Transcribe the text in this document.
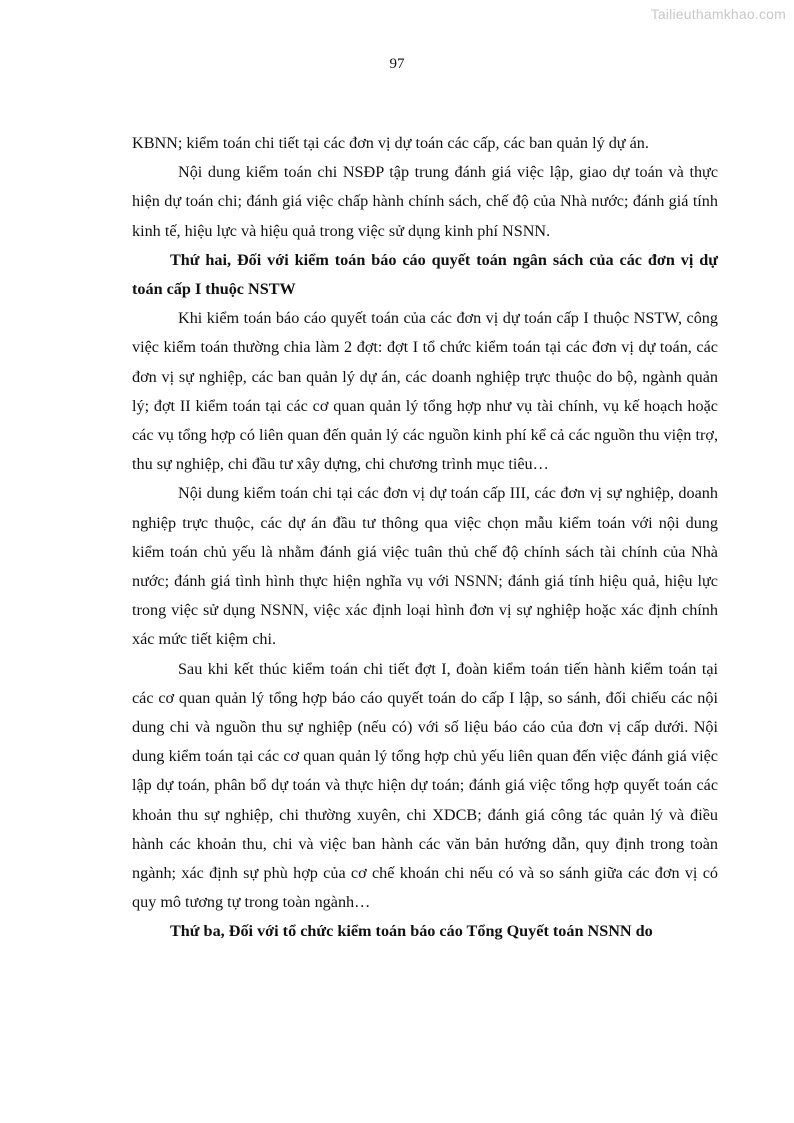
Tailieuthamkhao.com
97

KBNN; kiểm toán chi tiết tại các đơn vị dự toán các cấp, các ban quản lý dự án.

Nội dung kiểm toán chi NSĐP tập trung đánh giá việc lập, giao dự toán và thực hiện dự toán chi; đánh giá việc chấp hành chính sách, chế độ của Nhà nước; đánh giá tính kinh tế, hiệu lực và hiệu quả trong việc sử dụng kinh phí NSNN.

Thứ hai, Đối với kiểm toán báo cáo quyết toán ngân sách của các đơn vị dự toán cấp I thuộc NSTW

Khi kiểm toán báo cáo quyết toán của các đơn vị dự toán cấp I thuộc NSTW, công việc kiểm toán thường chia làm 2 đợt: đợt I tổ chức kiểm toán tại các đơn vị dự toán, các đơn vị sự nghiệp, các ban quản lý dự án, các doanh nghiệp trực thuộc do bộ, ngành quản lý; đợt II kiểm toán tại các cơ quan quản lý tổng hợp như vụ tài chính, vụ kế hoạch hoặc các vụ tổng hợp có liên quan đến quản lý các nguồn kinh phí kể cả các nguồn thu viện trợ, thu sự nghiệp, chi đầu tư xây dựng, chi chương trình mục tiêu…

Nội dung kiểm toán chi tại các đơn vị dự toán cấp III, các đơn vị sự nghiệp, doanh nghiệp trực thuộc, các dự án đầu tư thông qua việc chọn mẫu kiểm toán với nội dung kiểm toán chủ yếu là nhằm đánh giá việc tuân thủ chế độ chính sách tài chính của Nhà nước; đánh giá tình hình thực hiện nghĩa vụ với NSNN; đánh giá tính hiệu quả, hiệu lực trong việc sử dụng NSNN, việc xác định loại hình đơn vị sự nghiệp hoặc xác định chính xác mức tiết kiệm chi.

Sau khi kết thúc kiểm toán chi tiết đợt I, đoàn kiểm toán tiến hành kiểm toán tại các cơ quan quản lý tổng hợp báo cáo quyết toán do cấp I lập, so sánh, đối chiếu các nội dung chi và nguồn thu sự nghiệp (nếu có) với số liệu báo cáo của đơn vị cấp dưới. Nội dung kiểm toán tại các cơ quan quản lý tổng hợp chủ yếu liên quan đến việc đánh giá việc lập dự toán, phân bổ dự toán và thực hiện dự toán; đánh giá việc tổng hợp quyết toán các khoản thu sự nghiệp, chi thường xuyên, chi XDCB; đánh giá công tác quản lý và điều hành các khoản thu, chi và việc ban hành các văn bản hướng dẫn, quy định trong toàn ngành; xác định sự phù hợp của cơ chế khoán chi nếu có và so sánh giữa các đơn vị có quy mô tương tự trong toàn ngành…

Thứ ba, Đối với tổ chức kiểm toán báo cáo Tổng Quyết toán NSNN do
